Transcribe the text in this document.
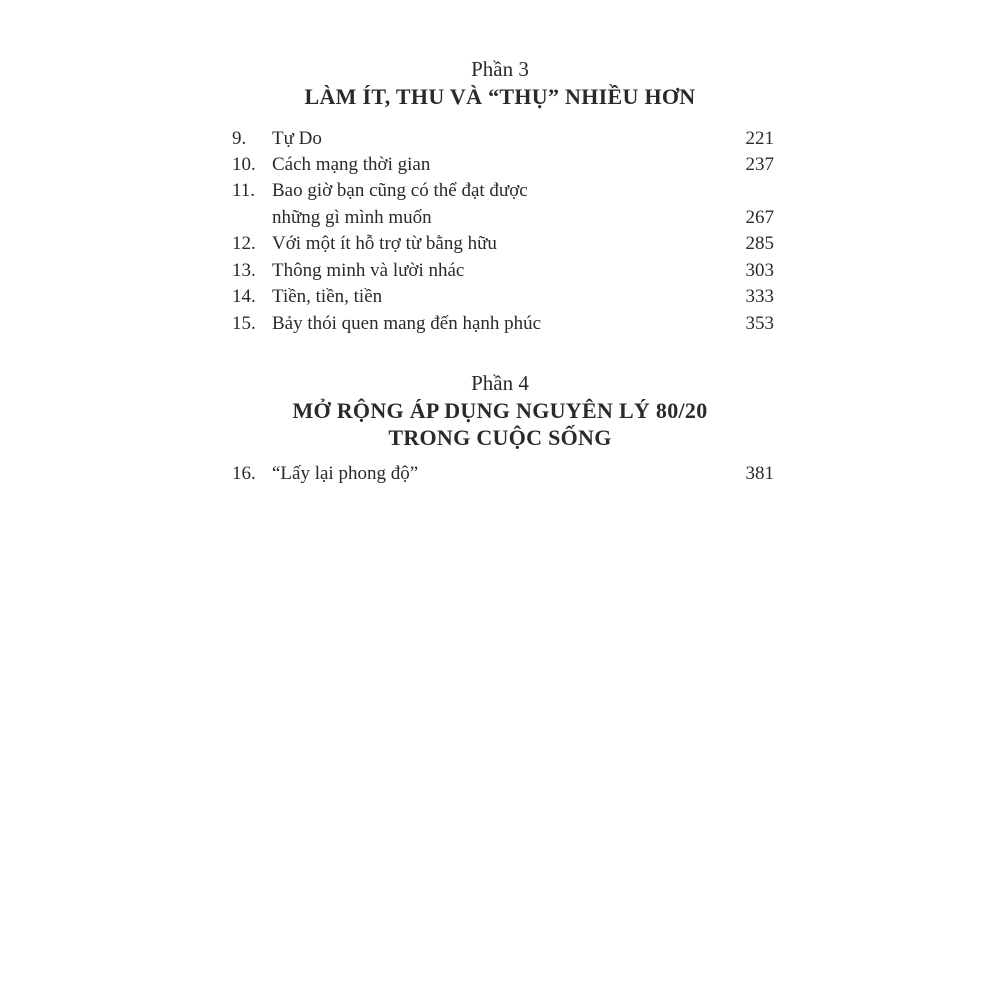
Phần 3
LÀM ÍT, THU VÀ “THỤ” NHIỀU HƠN
9. Tự Do	221
10. Cách mạng thời gian	237
11. Bao giờ bạn cũng có thể đạt được
những gì mình muốn	267
12. Với một ít hỗ trợ từ bằng hữu	285
13. Thông minh và lười nhác	303
14. Tiền, tiền, tiền	333
15. Bảy thói quen mang đến hạnh phúc	353
Phần 4
MỞ RỘNG ÁP DỤNG NGUYÊN LÝ 80/20
TRONG CUỘC SỐNG
16. “Lấy lại phong độ”	381
